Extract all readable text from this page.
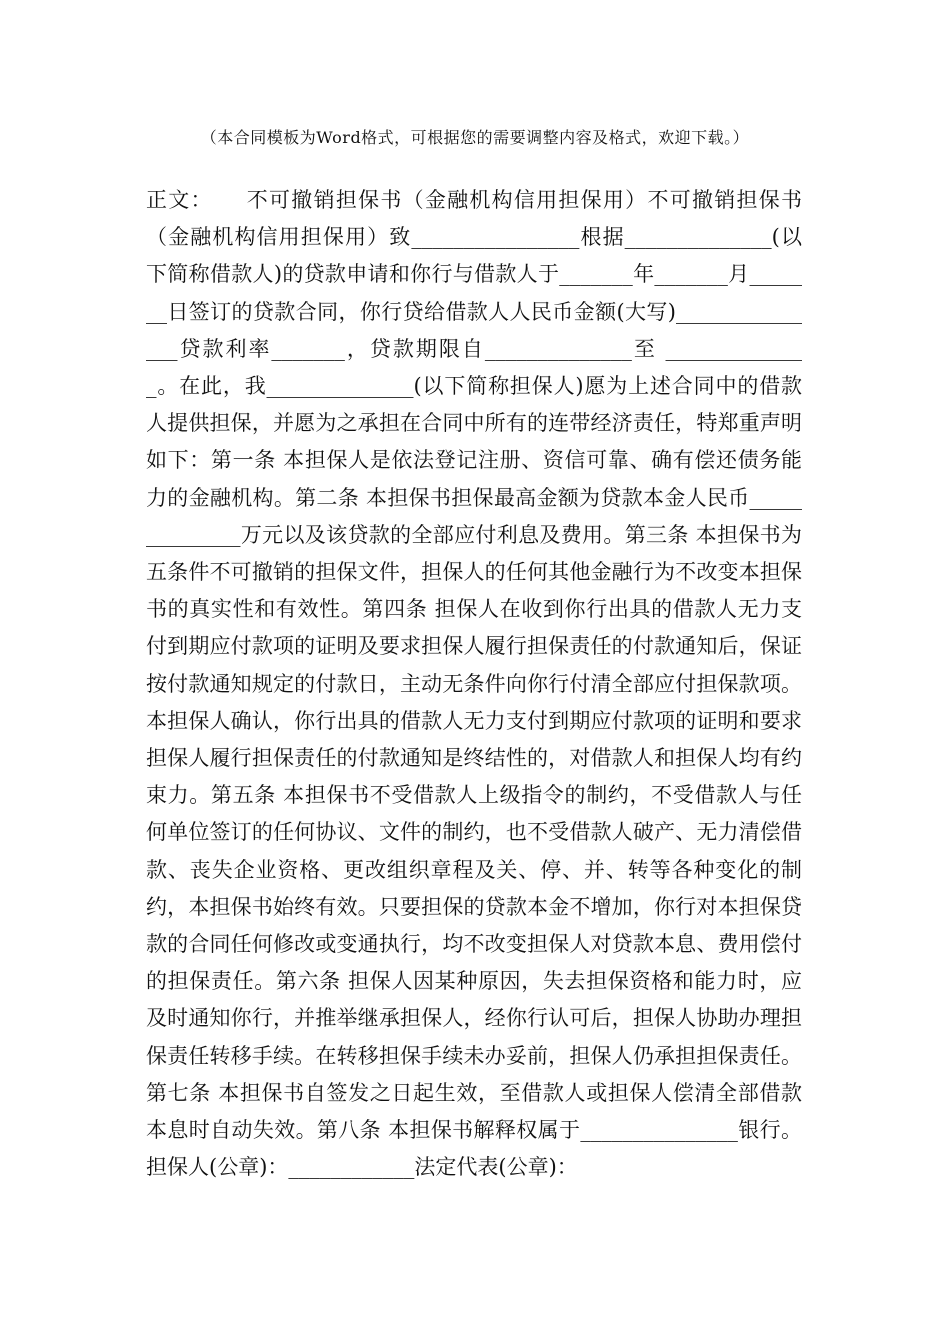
（本合同模板为Word格式，可根据您的需要调整内容及格式，欢迎下载。）

正文：　　不可撤销担保书（金融机构信用担保用）不可撤销担保书（金融机构信用担保用）致________________根据______________(以下简称借款人)的贷款申请和你行与借款人于_______年_______月_______日签订的贷款合同，你行贷给借款人人民币金额(大写)_______________贷款利率_______，贷款期限自______________至 ______________。在此，我______________(以下简称担保人)愿为上述合同中的借款人提供担保，并愿为之承担在合同中所有的连带经济责任，特郑重声明如下：第一条 本担保人是依法登记注册、资信可靠、确有偿还债务能力的金融机构。第二条 本担保书担保最高金额为贷款本金人民币______________万元以及该贷款的全部应付利息及费用。第三条 本担保书为五条件不可撤销的担保文件，担保人的任何其他金融行为不改变本担保书的真实性和有效性。第四条 担保人在收到你行出具的借款人无力支付到期应付款项的证明及要求担保人履行担保责任的付款通知后，保证按付款通知规定的付款日，主动无条件向你行付清全部应付担保款项。本担保人确认，你行出具的借款人无力支付到期应付款项的证明和要求担保人履行担保责任的付款通知是终结性的，对借款人和担保人均有约束力。第五条 本担保书不受借款人上级指令的制约，不受借款人与任何单位签订的任何协议、文件的制约，也不受借款人破产、无力清偿借款、丧失企业资格、更改组织章程及关、停、并、转等各种变化的制约，本担保书始终有效。只要担保的贷款本金不增加，你行对本担保贷款的合同任何修改或变通执行，均不改变担保人对贷款本息、费用偿付的担保责任。第六条 担保人因某种原因，失去担保资格和能力时，应及时通知你行，并推举继承担保人，经你行认可后，担保人协助办理担保责任转移手续。在转移担保手续未办妥前，担保人仍承担担保责任。第七条 本担保书自签发之日起生效，至借款人或担保人偿清全部借款本息时自动失效。第八条 本担保书解释权属于_______________银行。担保人(公章)：____________法定代表(公章)：
